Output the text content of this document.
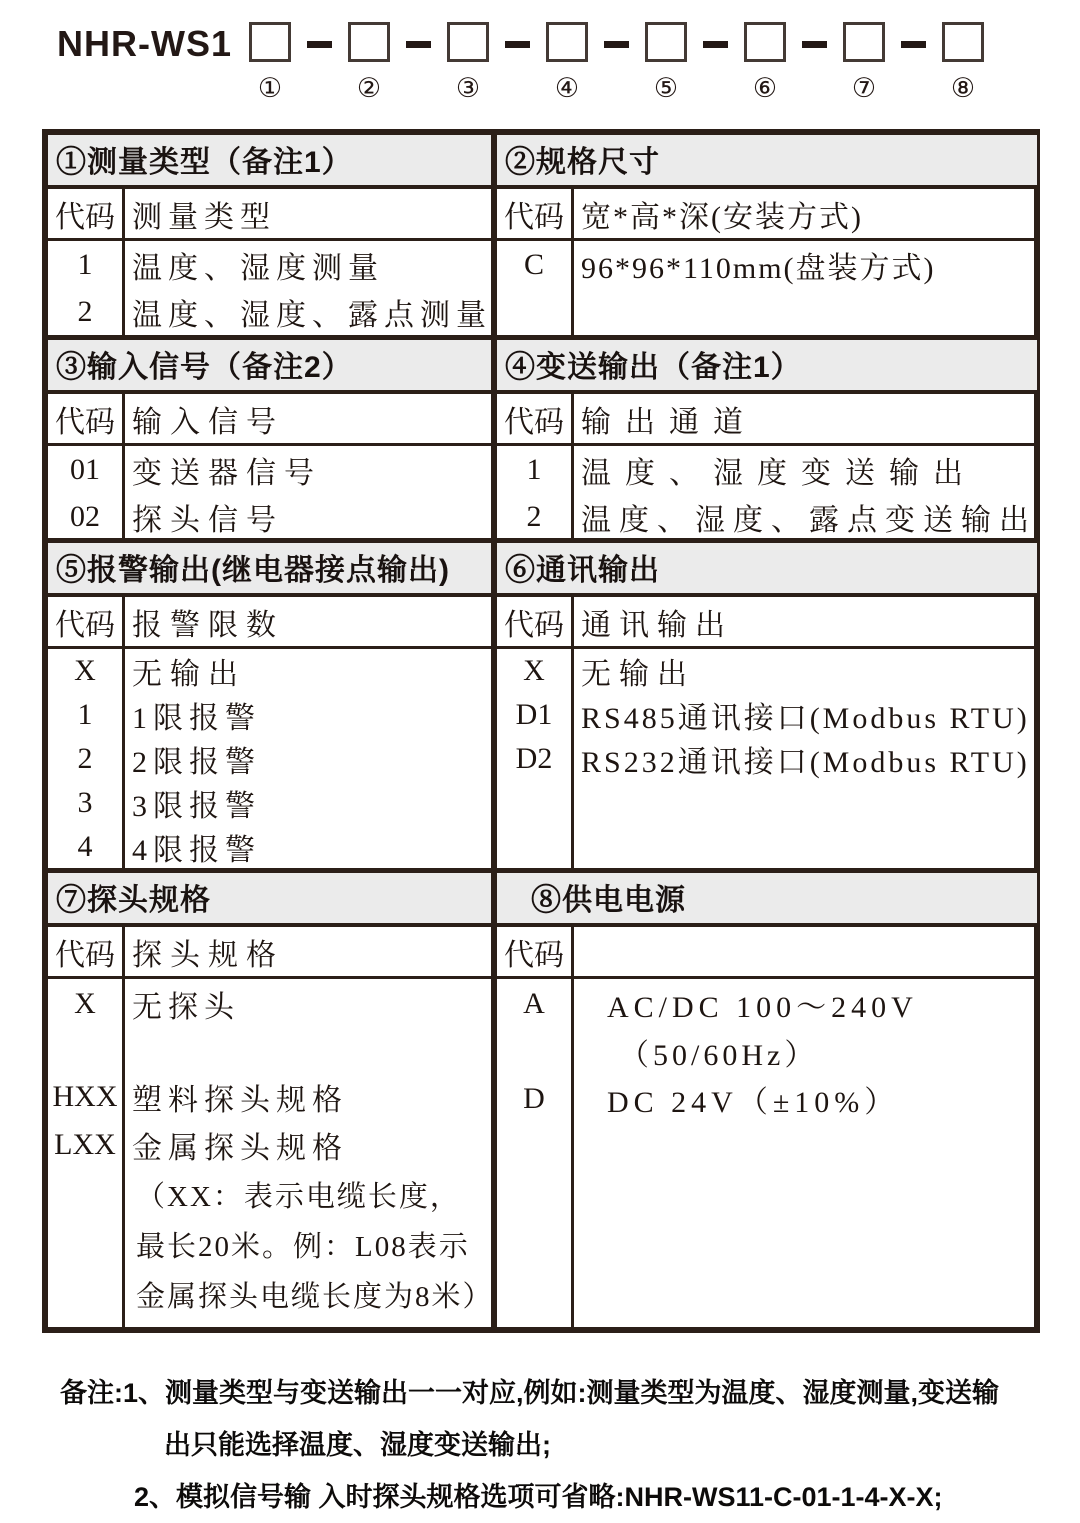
NHR-WS1
①	②	③	④	⑤	⑥	⑦	⑧
①测量类型（备注1）
代码 测量类型
1	温度、湿度测量
2	温度、湿度、露点测量
②规格尺寸
代码 宽*高*深(安装方式)
C	96*96*110mm(盘装方式)
③输入信号（备注2）
代码 输入信号
01	变送器信号
02	探头信号
④变送输出（备注1）
代码 输出通道
1	温度、湿度变送输出
2	温度、湿度、露点变送输出
⑤报警输出(继电器接点输出)
代码 报警限数
X	无输出
1	1限报警
2	2限报警
3	3限报警
4	4限报警
⑥通讯输出
代码 通讯输出
X	无输出
D1 RS485通讯接口(Modbus RTU)
D2 RS232通讯接口(Modbus RTU)
⑦探头规格
代码 探头规格
X	无探头
HXX 塑料探头规格
LXX 金属探头规格
（XX：表示电缆长度，
最长20米。例：L08表示
金属探头电缆长度为8米）
⑧供电电源
代码
A	AC/DC 100～240V
（50/60Hz）
D	DC 24V（±10%）
备注:1、测量类型与变送输出一一对应,例如:测量类型为温度、湿度测量,变送输
出只能选择温度、湿度变送输出;
2、模拟信号输 入时探头规格选项可省略:NHR-WS11-C-01-1-4-X-X;
